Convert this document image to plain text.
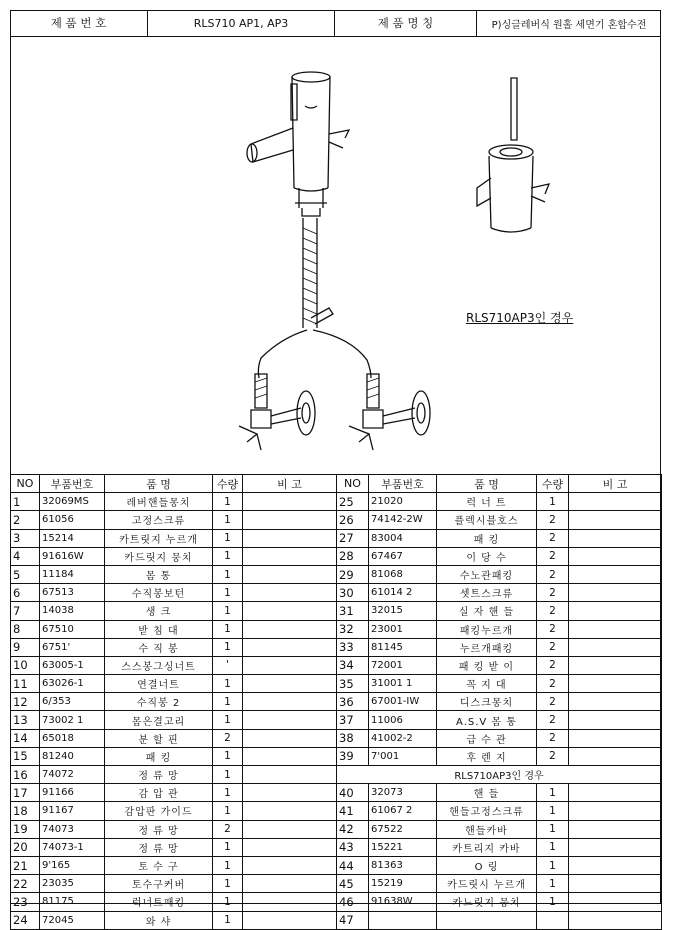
제 품 번 호	RLS710 AP1, AP3	제 품 명 칭	P)싱글레버식 원홀 세면기 혼합수전
RLS710AP3인 경우
NO	부품번호	품 명	수량	비 고
1	32069MS	레버핸들몽치	1	
2	61056	고정스크류	1	
3	15214	카트릿지 누르개	1	
4	91616W	카드릿지 뭉치	1	
5	11184	몸 통	1	
6	67513	수직봉보턴	1	
7	14038	생 크	1	
8	67510	받 침 대	1	
9	6751'	수 직 봉	1	
10	63005-1	스스봉그싱너트	'	
11	63026-1	연결너트	1	
12	6/353	수직봉 2	1	
13	73002 1	몸은결고리	1	
14	65018	분 할 핀	2	
15	81240	패 킹	1	
16	74072	정 류 망	1	
17	91166	감 압 관	1	
18	91167	감압판 가이드	1	
19	74073	정 류 망	2	
20	74073-1	정 류 망	1	
21	9'165	토 수 구	1	
22	23035	토수구커버	1	
23	81175	럭너트패킹	1	
24	72045	와 샤	1	
NO	부품번호	품 명	수량	비 고
25	21020	럭 너 트	1	
26	74142-2W	플렉시블호스	2	
27	83004	패 킹	2	
28	67467	이 당 수	2	
29	81068	수노관패킹	2	
30	61014 2	셋트스크류	2	
31	32015	실 자 핸 들	2	
32	23001	패킹누르개	2	
33	81145	누르개패킹	2	
34	72001	패 킹 받 이	2	
35	31001 1	꼭 지 대	2	
36	67001-IW	디스크몽치	2	
37	11006	A.S.V 몸 통	2	
38	41002-2	급 수 관	2	
39	7'001	후 렌 지	2	
RLS710AP3인 경우				
40	32073	핸 들	1	
41	61067 2	핸들고정스크류	1	
42	67522	핸들카바	1	
43	15221	카트리지 카바	1	
44	81363	O 링	1	
45	15219	카드릿시 누르개	1	
46	91638W	카느릿지 뭉치	1	
47				
